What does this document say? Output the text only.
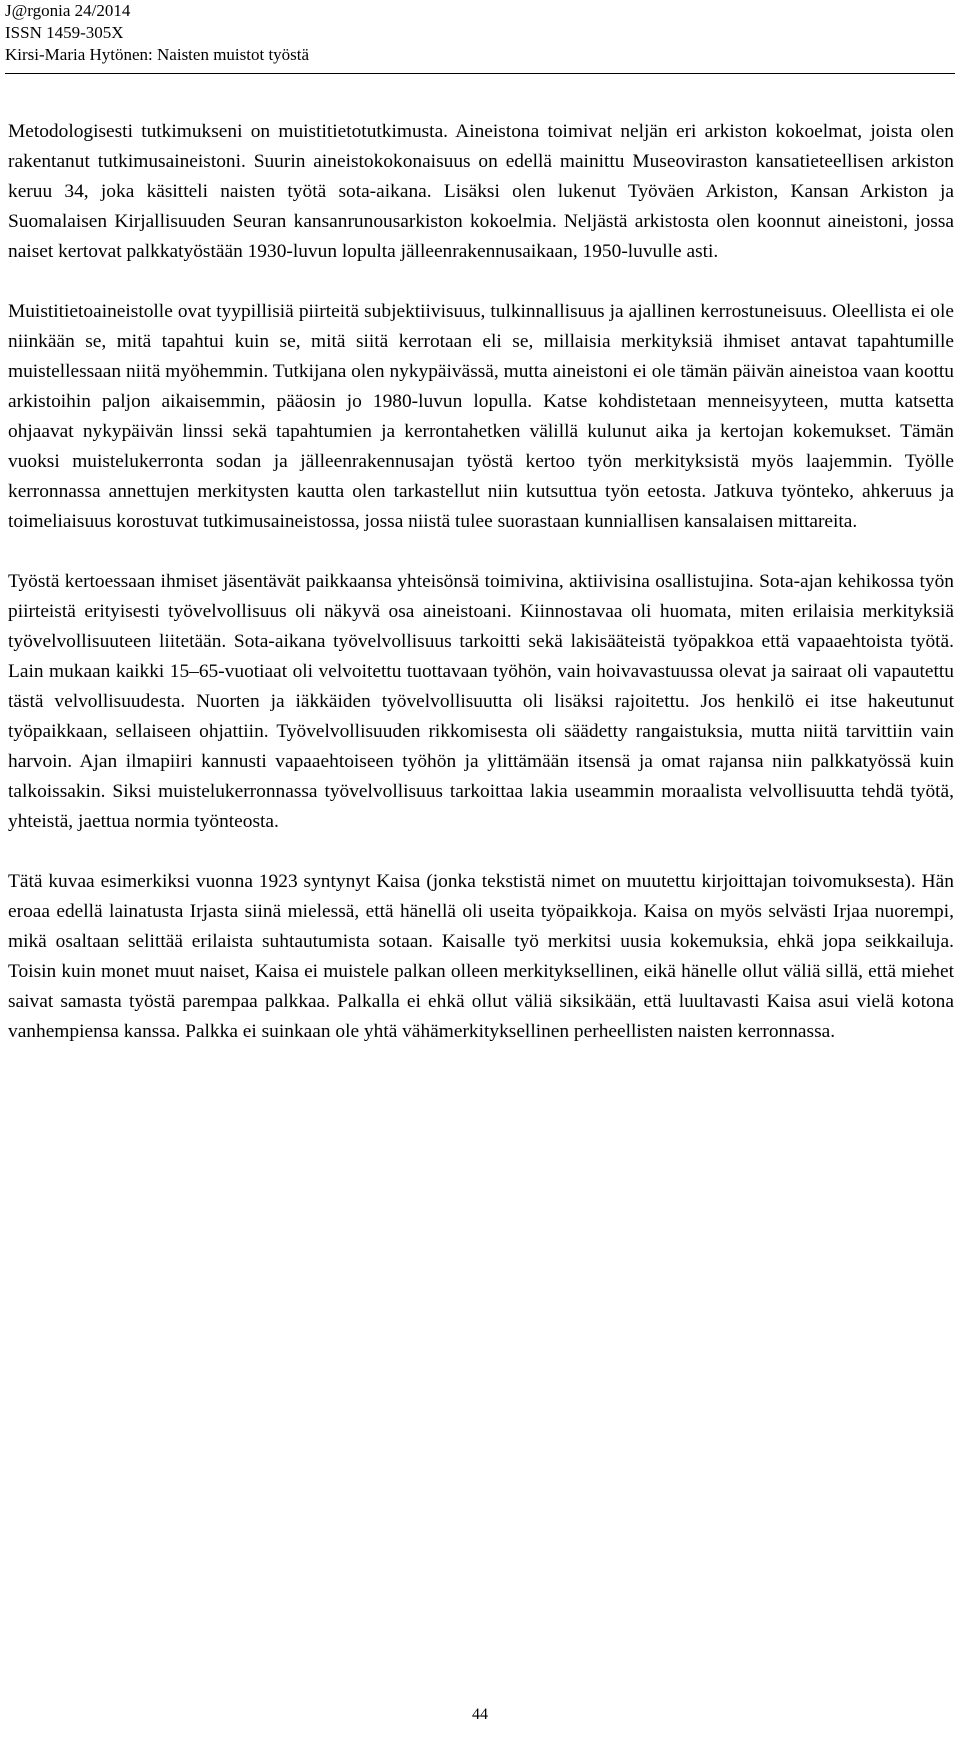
J@rgonia 24/2014
ISSN 1459-305X
Kirsi-Maria Hytönen: Naisten muistot työstä

Metodologisesti tutkimukseni on muistitietotutkimusta. Aineistona toimivat neljän eri arkiston kokoelmat, joista olen rakentanut tutkimusaineistoni. Suurin aineistokokonaisuus on edellä mainittu Museoviraston kansatieteellisen arkiston keruu 34, joka käsitteli naisten työtä sota-aikana. Lisäksi olen lukenut Työväen Arkiston, Kansan Arkiston ja Suomalaisen Kirjallisuuden Seuran kansanrunousarkiston kokoelmia. Neljästä arkistosta olen koonnut aineistoni, jossa naiset kertovat palkkatyöstään 1930-luvun lopulta jälleenrakennusaikaan, 1950-luvulle asti.

Muistitietoaineistolle ovat tyypillisiä piirteitä subjektiivisuus, tulkinnallisuus ja ajallinen kerrostuneisuus. Oleellista ei ole niinkään se, mitä tapahtui kuin se, mitä siitä kerrotaan eli se, millaisia merkityksiä ihmiset antavat tapahtumille muistellessaan niitä myöhemmin. Tutkijana olen nykypäivässä, mutta aineistoni ei ole tämän päivän aineistoa vaan koottu arkistoihin paljon aikaisemmin, pääosin jo 1980-luvun lopulla. Katse kohdistetaan menneisyyteen, mutta katsetta ohjaavat nykypäivän linssi sekä tapahtumien ja kerrontahetken välillä kulunut aika ja kertojan kokemukset. Tämän vuoksi muistelukerronta sodan ja jälleenrakennusajan työstä kertoo työn merkityksistä myös laajemmin. Työlle kerronnassa annettujen merkitysten kautta olen tarkastellut niin kutsuttua työn eetosta. Jatkuva työnteko, ahkeruus ja toimeliaisuus korostuvat tutkimusaineistossa, jossa niistä tulee suorastaan kunniallisen kansalaisen mittareita.

Työstä kertoessaan ihmiset jäsentävät paikkaansa yhteisönsä toimivina, aktiivisina osallistujina. Sota-ajan kehikossa työn piirteistä erityisesti työvelvollisuus oli näkyvä osa aineistoani. Kiinnostavaa oli huomata, miten erilaisia merkityksiä työvelvollisuuteen liitetään. Sota-aikana työvelvollisuus tarkoitti sekä lakisääteistä työpakkoa että vapaaehtoista työtä. Lain mukaan kaikki 15–65-vuotiaat oli velvoitettu tuottavaan työhön, vain hoivavastuussa olevat ja sairaat oli vapautettu tästä velvollisuudesta. Nuorten ja iäkkäiden työvelvollisuutta oli lisäksi rajoitettu. Jos henkilö ei itse hakeutunut työpaikkaan, sellaiseen ohjattiin. Työvelvollisuuden rikkomisesta oli säädetty rangaistuksia, mutta niitä tarvittiin vain harvoin. Ajan ilmapiiri kannusti vapaaehtoiseen työhön ja ylittämään itsensä ja omat rajansa niin palkkatyössä kuin talkoissakin. Siksi muistelukerronnassa työvelvollisuus tarkoittaa lakia useammin moraalista velvollisuutta tehdä työtä, yhteistä, jaettua normia työnteosta.

Tätä kuvaa esimerkiksi vuonna 1923 syntynyt Kaisa (jonka tekstistä nimet on muutettu kirjoittajan toivomuksesta). Hän eroaa edellä lainatusta Irjasta siinä mielessä, että hänellä oli useita työpaikkoja. Kaisa on myös selvästi Irjaa nuorempi, mikä osaltaan selittää erilaista suhtautumista sotaan. Kaisalle työ merkitsi uusia kokemuksia, ehkä jopa seikkailuja. Toisin kuin monet muut naiset, Kaisa ei muistele palkan olleen merkityksellinen, eikä hänelle ollut väliä sillä, että miehet saivat samasta työstä parempaa palkkaa. Palkalla ei ehkä ollut väliä siksikään, että luultavasti Kaisa asui vielä kotona vanhempiensa kanssa. Palkka ei suinkaan ole yhtä vähämerkityksellinen perheellisten naisten kerronnassa.

44
